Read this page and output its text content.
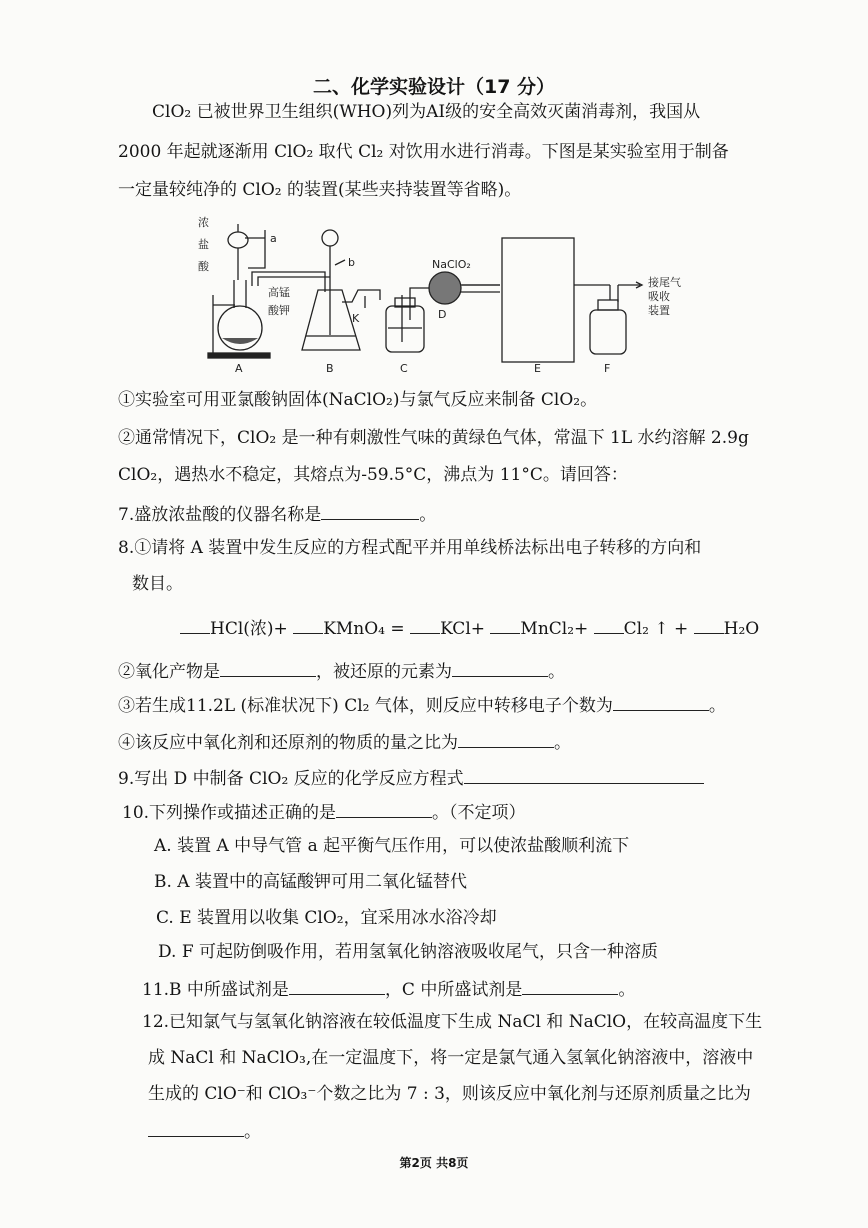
二、化学实验设计（17 分）
ClO₂ 已被世界卫生组织(WHO)列为AⅠ级的安全高效灭菌消毒剂，我国从
2000 年起就逐渐用 ClO₂ 取代 Cl₂ 对饮用水进行消毒。下图是某实验室用于制备
一定量较纯净的 ClO₂ 的装置(某些夹持装置等省略)。
浓
盐
酸
a
b
高锰
酸钾
K
NaClO₂
D
接尾气
吸收
装置
A	B	C	E	F
①实验室可用亚氯酸钠固体(NaClO₂)与氯气反应来制备 ClO₂。
②通常情况下，ClO₂ 是一种有刺激性气味的黄绿色气体，常温下 1L 水约溶解 2.9g
ClO₂，遇热水不稳定，其熔点为-59.5°C，沸点为 11°C。请回答：
7.盛放浓盐酸的仪器名称是	。
8.①请将 A 装置中发生反应的方程式配平并用单线桥法标出电子转移的方向和
数目。
HCl(浓)+ KMnO₄ = KCl+ MnCl₂+ Cl₂ ↑ + H₂O
②氧化产物是	，被还原的元素为	。
③若生成11.2L (标准状况下) Cl₂ 气体，则反应中转移电子个数为	。
④该反应中氧化剂和还原剂的物质的量之比为	。
9.写出 D 中制备 ClO₂ 反应的化学反应方程式
10.下列操作或描述正确的是	。（不定项）
A. 装置 A 中导气管 a 起平衡气压作用，可以使浓盐酸顺利流下
B. A 装置中的高锰酸钾可用二氧化锰替代
C. E 装置用以收集 ClO₂，宜采用冰水浴冷却
D. F 可起防倒吸作用，若用氢氧化钠溶液吸收尾气，只含一种溶质
11.B 中所盛试剂是	，C 中所盛试剂是	。
12.已知氯气与氢氧化钠溶液在较低温度下生成 NaCl 和 NaClO，在较高温度下生
成 NaCl 和 NaClO₃,在一定温度下，将一定是氯气通入氢氧化钠溶液中，溶液中
生成的 ClO⁻和 ClO₃⁻个数之比为 7 : 3，则该反应中氧化剂与还原剂质量之比为
。
第2页 共8页
